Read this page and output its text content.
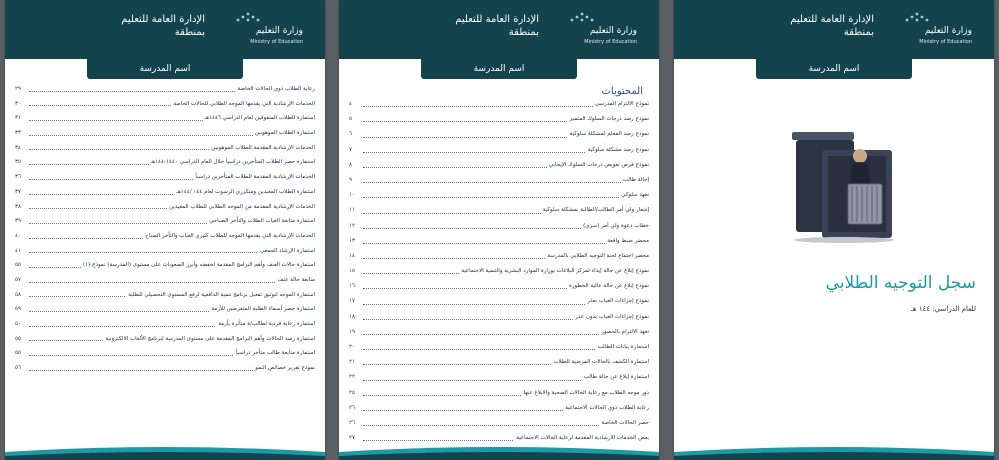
الإدارة العامة للتعليم
بمنطقة	وزارة التعليم
Ministry of Education
اسم المدرسة
رعاية الطلاب ذوي الحالات الخاصة
٢٩
الخدمات الإرشادية التي يقدمها الموجه الطلابي للحالات الخاصة
٣٠
استمارة الطلاب المتفوقين لعام الدراسي ١٤٤٦هـ
٣١
استمارة الطلاب الموهوبين
٣٣
الخدمات الإرشادية المقدمة للطلاب الموهوبين
٣٤
استمارة حصر الطلاب المتأخرين دراسياً خلال العام الدراسي ١٤٤٠-١٤٤هـ
٣٥
الخدمات الإرشادية المقدمة للطلاب المتأخرين دراسياً
٣٦
استمارة الطلاب المعيدين ومتكرري الرسوب لعام ١٤٤ /١٤٤هـ
٣٧
الخدمات الإرشادية المقدمة من الموجه الطلابي للطلاب المعيدين
٣٨
استمارة متابعة الغياب الطلاب والتأخر الصباحي
٣٩
الخدمات الإرشادية التي يقدمها الموجه للطلاب كثيري الغياب والتأخر الصباح
٤٠
استمارة الإرشاد الجمعي
٤١
استمارة حالات العنف وأهم البرامج المقدمة لخفضه وأبرز الصعوبات على مستوى (المدرسة) نموذج (١)
٥٥
متابعة حالة عنف
٥٧
استمارة الموجه لتوثيق تفعيل برنامج تنمية الدافعية لرفع المستوى التحصيلي للطلبة
٥٨
استمارة حصر أسماء الطلبة المتعرضين للأزمة
٥٩
استمارة رعاية فردية لطالب/ة متأثرة بأزمة
٥٠
استمارة رصد الحالات وأهم البرامج المقدمة على مستوى المدرسة لبرنامج الألعاب الالكترونية
٥٥
استمارة متابعة طالب متأخر دراسياً
٥٥
نموذج تقرير خصائص النمو
٥٦
الإدارة العامة للتعليم
بمنطقة	وزارة التعليم
Ministry of Education
اسم المدرسة
المحتويات
نموذج الالتزام المدرسي
٤
نموذج رصد درجات السلوك المتميز
٥
نموذج رصد المعلم لمشكلة سلوكية
٦
نموذج رصد مشكلة سلوكية
٧
نموذج فرص تعويض درجات السلوك الإيجابي
٨
إحالة طالب
٩
تعهد سلوكي
١٠
إشعار ولي أمر الطالب/الطالبة بمشكلة سلوكية
١١
خطاب دعوة ولي أمر (سري)
١٢
محضر ضبط واقعة
١٣
محضر اجتماع لجنة التوجيه الطلابي بالمدرسة
١٤
نموذج إبلاغ عن حالة إيذاء لمركز البلاغات بوزارة الموارد البشرية والتنمية الاجتماعية
١٥
نموذج إبلاغ عن حالة عالية الخطورة
١٦
نموذج إجراءات الغياب بعذر
١٧
نموذج إجراءات الغياب بدون عذر
١٨
تعهد الالتزام بالحضور
١٩
استمارة بيانات الطالب
٢٠
استمارة الكشف بالحالات المرضية للطلاب
٢١
استمارة إبلاغ عن حالة طالب
٢٢
دور موجه الطلاب مع رعاية الحالات الصحية والابلاغ عنها
٢٥
رعاية الطلاب ذوي الحالات الاجتماعية
٢٦
حصر الحالات الخاصة
٢٦
بعض الخدمات الارشادية المقدمة لرعاية الحالات الاجتماعية
٢٧
الإدارة العامة للتعليم
بمنطقة	وزارة التعليم
Ministry of Education
اسم المدرسة
سجل التوجيه الطلابي
للعام الدراسي: ١٤٤ هـ
